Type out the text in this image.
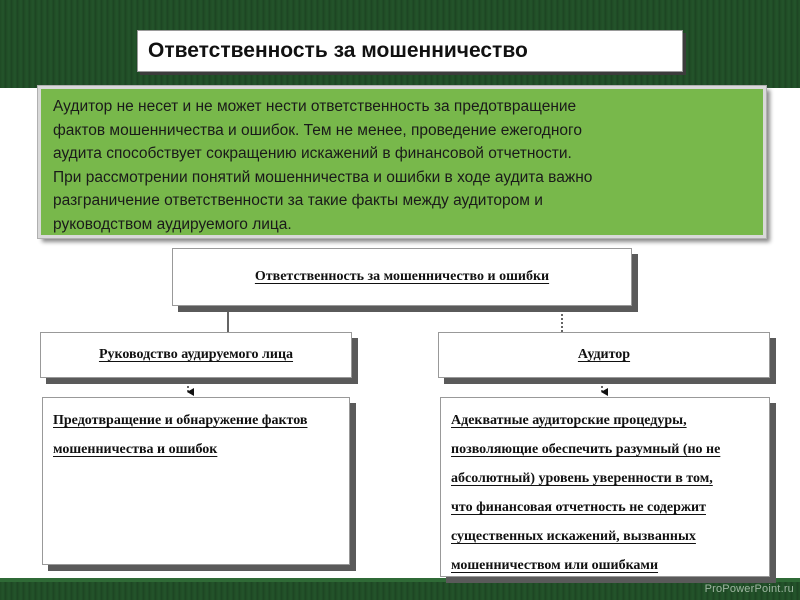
ProPowerPoint.ru
Ответственность за мошенничество
Аудитор не несет и не может нести ответственность за предотвращение
фактов мошенничества и ошибок. Тем не менее, проведение ежегодного
аудита способствует сокращению искажений в финансовой отчетности.
При рассмотрении понятий мошенничества и ошибки в ходе аудита важно
разграничение ответственности за такие факты между аудитором и
руководством аудируемого лица.
Ответственность за мошенничество и ошибки
Руководство аудируемого лица	Аудитор
Предотвращение и обнаружение фактов
мошенничества и ошибок
Адекватные аудиторские процедуры,
позволяющие обеспечить разумный (но не
абсолютный) уровень уверенности в том,
что финансовая отчетность не содержит
существенных искажений, вызванных
мошенничеством или ошибками
